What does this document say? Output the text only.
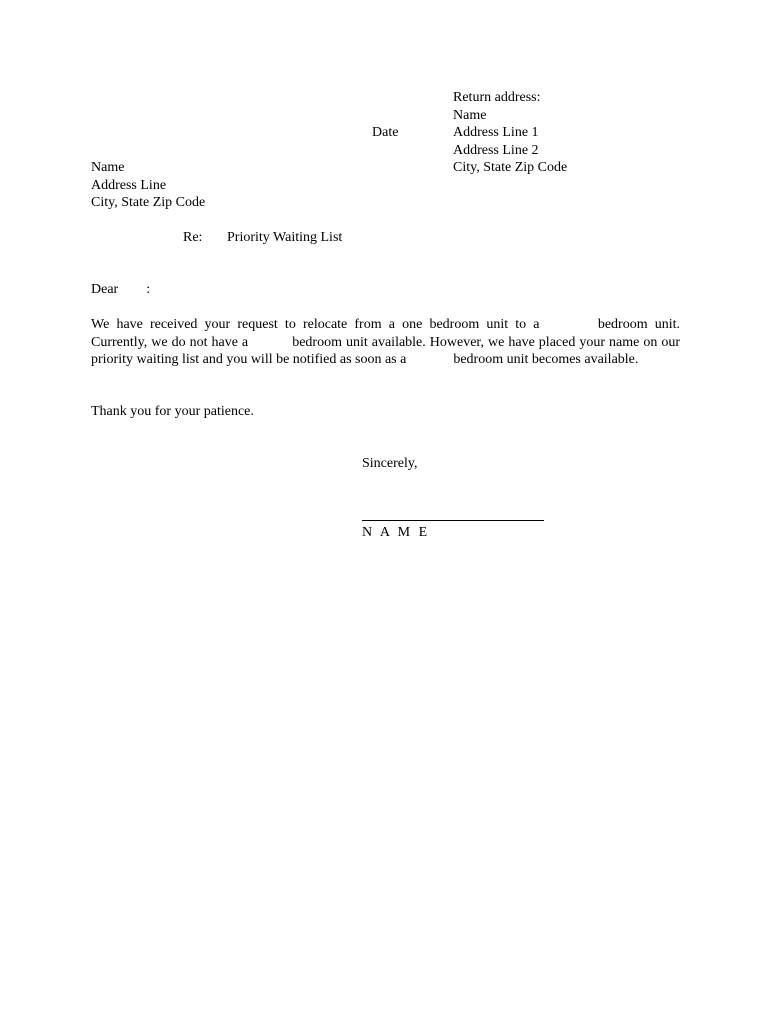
Return address:
Name
Address Line 1
Address Line 2
City, State Zip Code
Date
Name
Address Line
City, State Zip Code
Re: Priority Waiting List
Dear :

We have received your request to relocate from a one bedroom unit to a	bedroom unit. Currently, we do not have a	bedroom unit available. However, we have placed your name on our priority waiting list and you will be notified as soon as a	bedroom unit becomes available.

Thank you for your patience.
Sincerely,
N A M E
